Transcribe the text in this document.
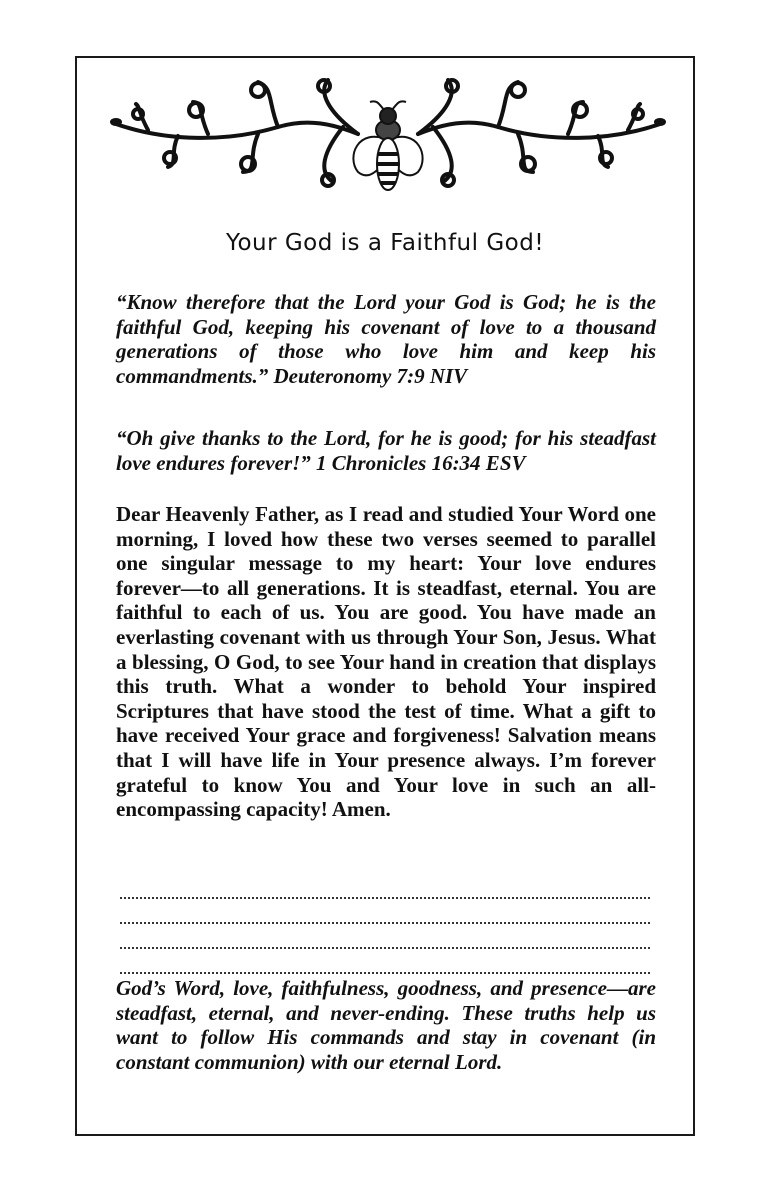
Your God is a Faithful God!

“Know therefore that the Lord your God is God; he is the faithful God, keeping his covenant of love to a thousand generations of those who love him and keep his commandments.” Deuteronomy 7:9 NIV

“Oh give thanks to the Lord, for he is good; for his steadfast love endures forever!” 1 Chronicles 16:34 ESV

Dear Heavenly Father, as I read and studied Your Word one morning, I loved how these two verses seemed to parallel one singular message to my heart: Your love endures forever—to all generations. It is steadfast, eternal. You are faithful to each of us. You are good. You have made an everlasting covenant with us through Your Son, Jesus. What a blessing, O God, to see Your hand in creation that displays this truth. What a wonder to behold Your inspired Scriptures that have stood the test of time. What a gift to have received Your grace and forgiveness! Salvation means that I will have life in Your presence always. I’m forever grateful to know You and Your love in such an all-encompassing capacity! Amen.

God’s Word, love, faithfulness, goodness, and presence—are steadfast, eternal, and never-ending. These truths help us want to follow His commands and stay in covenant (in constant communion) with our eternal Lord.
